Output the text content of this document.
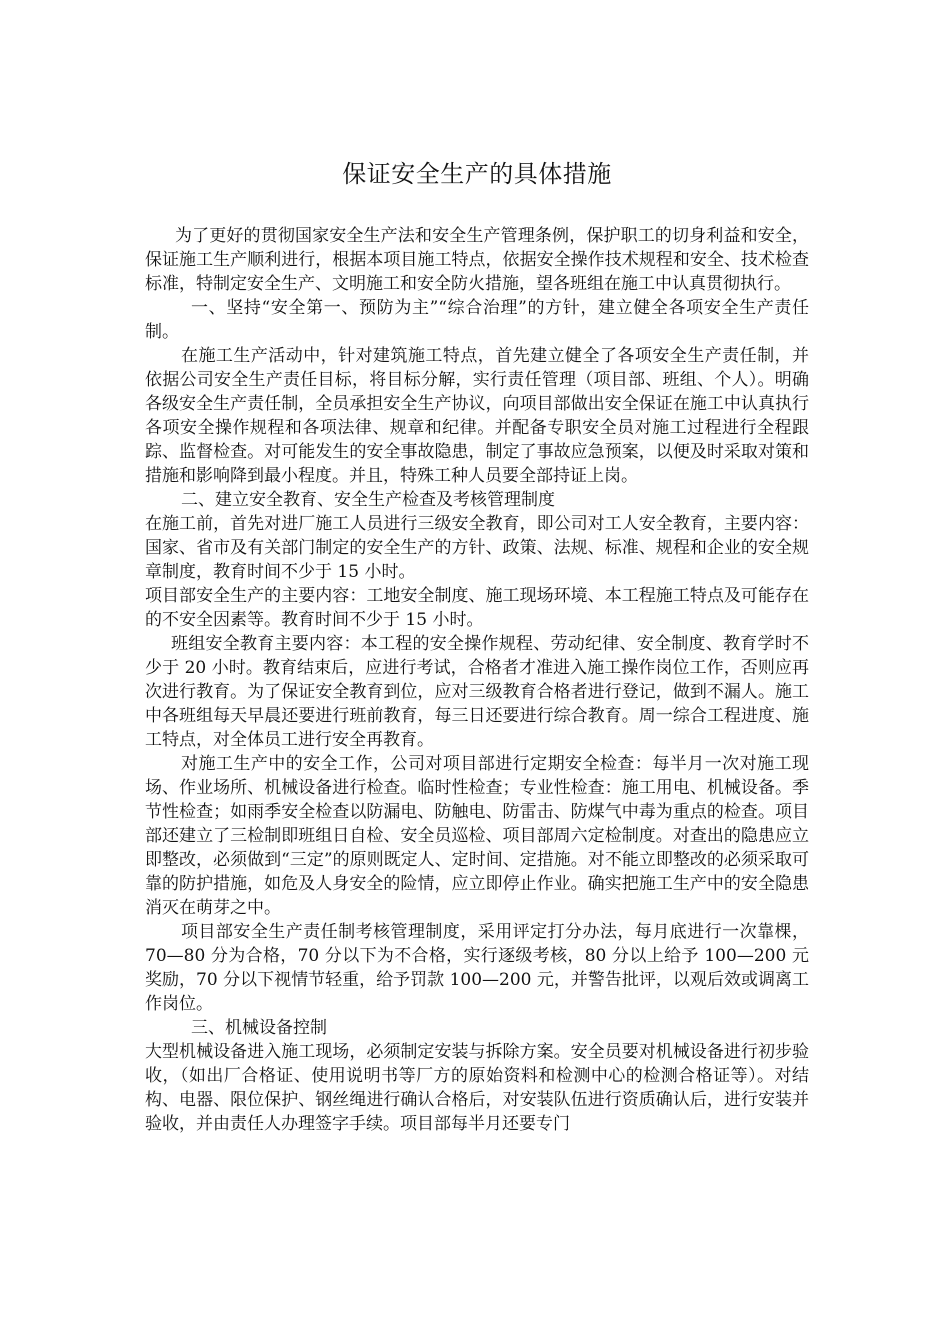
保证安全生产的具体措施

为了更好的贯彻国家安全生产法和安全生产管理条例，保护职工的切身利益和安全，保证施工生产顺利进行，根据本项目施工特点，依据安全操作技术规程和安全、技术检查标准，特制定安全生产、文明施工和安全防火措施，望各班组在施工中认真贯彻执行。

一、坚持“安全第一、预防为主”“综合治理”的方针，建立健全各项安全生产责任制。

在施工生产活动中，针对建筑施工特点，首先建立健全了各项安全生产责任制，并依据公司安全生产责任目标，将目标分解，实行责任管理（项目部、班组、个人）。明确各级安全生产责任制，全员承担安全生产协议，向项目部做出安全保证在施工中认真执行各项安全操作规程和各项法律、规章和纪律。并配备专职安全员对施工过程进行全程跟踪、监督检查。对可能发生的安全事故隐患，制定了事故应急预案，以便及时采取对策和措施和影响降到最小程度。并且，特殊工种人员要全部持证上岗。

二、建立安全教育、安全生产检查及考核管理制度

在施工前，首先对进厂施工人员进行三级安全教育，即公司对工人安全教育，主要内容：国家、省市及有关部门制定的安全生产的方针、政策、法规、标准、规程和企业的安全规章制度，教育时间不少于 15 小时。

项目部安全生产的主要内容：工地安全制度、施工现场环境、本工程施工特点及可能存在的不安全因素等。教育时间不少于 15 小时。

班组安全教育主要内容：本工程的安全操作规程、劳动纪律、安全制度、教育学时不少于 20 小时。教育结束后，应进行考试，合格者才准进入施工操作岗位工作，否则应再次进行教育。为了保证安全教育到位，应对三级教育合格者进行登记，做到不漏人。施工中各班组每天早晨还要进行班前教育，每三日还要进行综合教育。周一综合工程进度、施工特点，对全体员工进行安全再教育。

对施工生产中的安全工作，公司对项目部进行定期安全检查：每半月一次对施工现场、作业场所、机械设备进行检查。临时性检查；专业性检查：施工用电、机械设备。季节性检查；如雨季安全检查以防漏电、防触电、防雷击、防煤气中毒为重点的检查。项目部还建立了三检制即班组日自检、安全员巡检、项目部周六定检制度。对查出的隐患应立即整改，必须做到“三定”的原则既定人、定时间、定措施。对不能立即整改的必须采取可靠的防护措施，如危及人身安全的险情，应立即停止作业。确实把施工生产中的安全隐患消灭在萌芽之中。

项目部安全生产责任制考核管理制度，采用评定打分办法，每月底进行一次靠棵，70—80 分为合格，70 分以下为不合格，实行逐级考核，80 分以上给予 100—200 元奖励，70 分以下视情节轻重，给予罚款 100—200 元，并警告批评，以观后效或调离工作岗位。

三、机械设备控制

大型机械设备进入施工现场，必须制定安装与拆除方案。安全员要对机械设备进行初步验收，（如出厂合格证、使用说明书等厂方的原始资料和检测中心的检测合格证等）。对结构、电器、限位保护、钢丝绳进行确认合格后，对安装队伍进行资质确认后，进行安装并验收，并由责任人办理签字手续。项目部每半月还要专门
